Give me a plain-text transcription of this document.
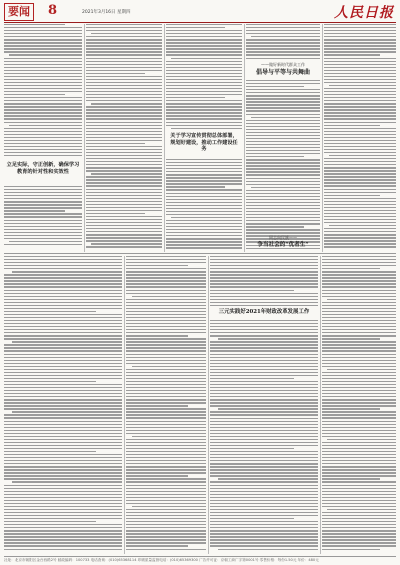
要闻	8	2021年3月16日 星期四	人民日报
立足实际，守正创新，确保学习教育的针对性和实效性
关于学习宣传贯彻总体部署，规划好建设，推动工作建设任务
——做好新时代群众工作
倡导与平等与共舞曲
同志向民族——
争当社会的“优者生”
三元实践好2021年财政改革发展工作
社址：北京市朝阳区金台西路2号 邮政编码：100733 电话查询：(010)65368114 印刷质量监督电话：(010)65369300 广告许可证：京朝工商广字第0001号 零售价格：每份1.50元 年价：480元
